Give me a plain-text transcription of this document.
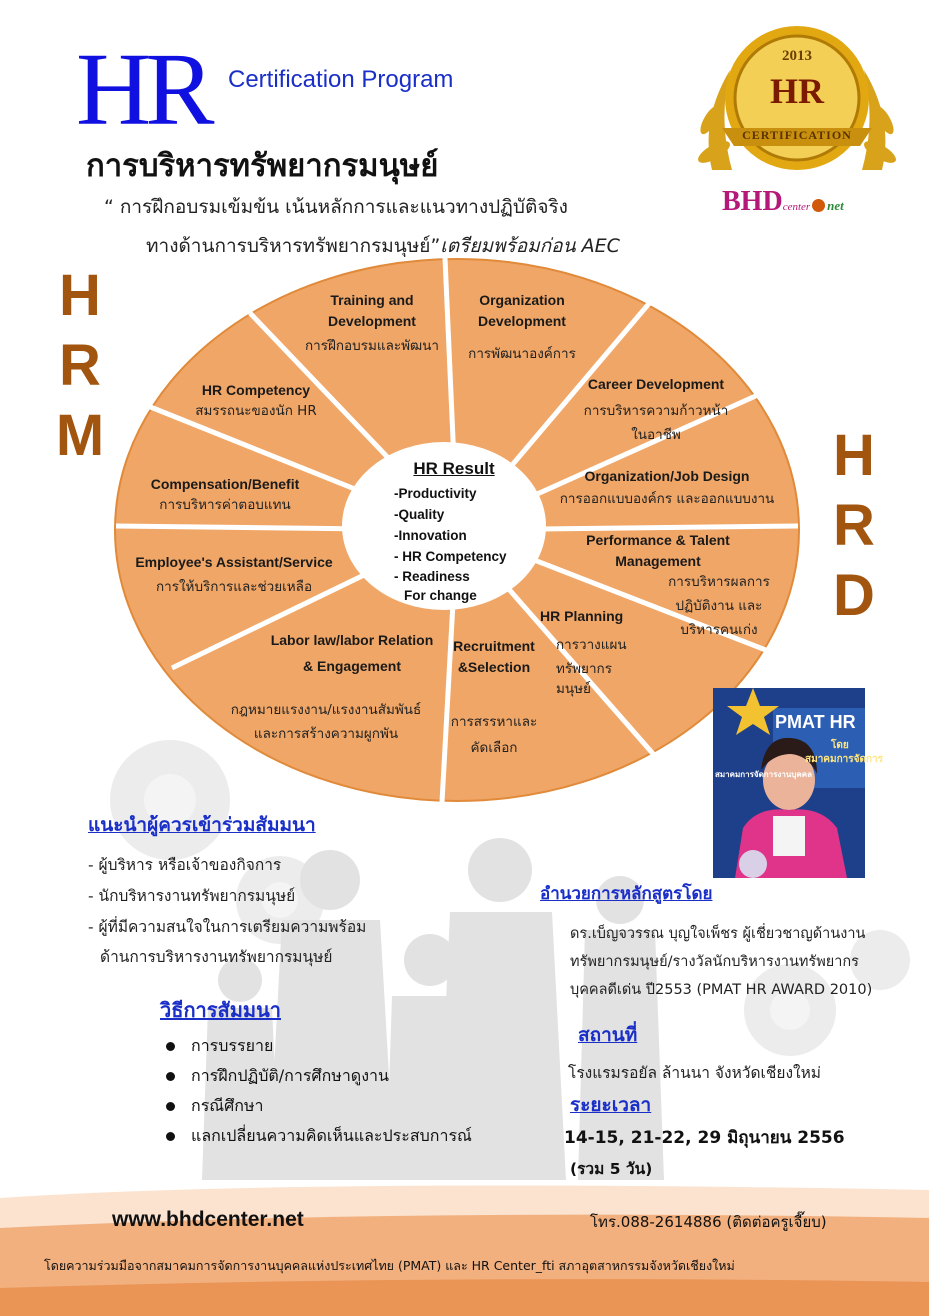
HR Certification Program
การบริหารทรัพยากรมนุษย์
“ การฝึกอบรมเข้มข้น เน้นหลักการและแนวทางปฏิบัติจริง
ทางด้านการบริหารทรัพยากรมนุษย์”เตรียมพร้อมก่อน AEC
2013
HR
CERTIFICATION
BHDcenter net
H
R
M	H
R
D
HR Result
-Productivity
-Quality
-Innovation
- HR Competency
- Readiness
For change
Training and
Development

การฝึกอบรมและพัฒนา
Organization
Development

การพัฒนาองค์การ
Career Development
การบริหารความก้าวหน้า
ในอาชีพ
Organization/Job Design
การออกแบบองค์กร และออกแบบงาน
Performance & Talent
Management
การบริหารผลการ
ปฏิบัติงาน และ
บริหารคนเก่ง
HR Planning
การวางแผน
ทรัพยากรมนุษย์
Recruitment
&Selection
การสรรหาและ
คัดเลือก
Labor law/labor Relation
& Engagement
กฎหมายแรงงาน/แรงงานสัมพันธ์
และการสร้างความผูกพัน
Employee's Assistant/Service
การให้บริการและช่วยเหลือ
Compensation/Benefit
การบริหารค่าตอบแทน
HR Competency
สมรรถนะของนัก HR
PMAT HR
โดย
สมาคมการจัดการ
สมาคมการจัดการงานบุคคล
แนะนำผู้ควรเข้าร่วมสัมมนา
- ผู้บริหาร หรือเจ้าของกิจการ
- นักบริหารงานทรัพยากรมนุษย์
- ผู้ที่มีความสนใจในการเตรียมความพร้อม
ด้านการบริหารงานทรัพยากรมนุษย์
วิธีการสัมมนา
การบรรยาย
การฝึกปฏิบัติ/การศึกษาดูงาน
กรณีศึกษา
แลกเปลี่ยนความคิดเห็นและประสบการณ์
อำนวยการหลักสูตรโดย
ดร.เบ็ญจวรรณ บุญใจเพ็ชร ผู้เชี่ยวชาญด้านงาน
ทรัพยากรมนุษย์/รางวัลนักบริหารงานทรัพยากร
บุคคลดีเด่น ปี2553 (PMAT HR AWARD 2010)
สถานที่
โรงแรมรอยัล ล้านนา จังหวัดเชียงใหม่
ระยะเวลา
14-15, 21-22, 29 มิถุนายน 2556
(รวม 5 วัน)
www.bhdcenter.net	โทร.088-2614886 (ติดต่อครูเจี๊ยบ)
โดยความร่วมมือจากสมาคมการจัดการงานบุคคลแห่งประเทศไทย (PMAT) และ HR Center_fti สภาอุตสาหกรรมจังหวัดเชียงใหม่
